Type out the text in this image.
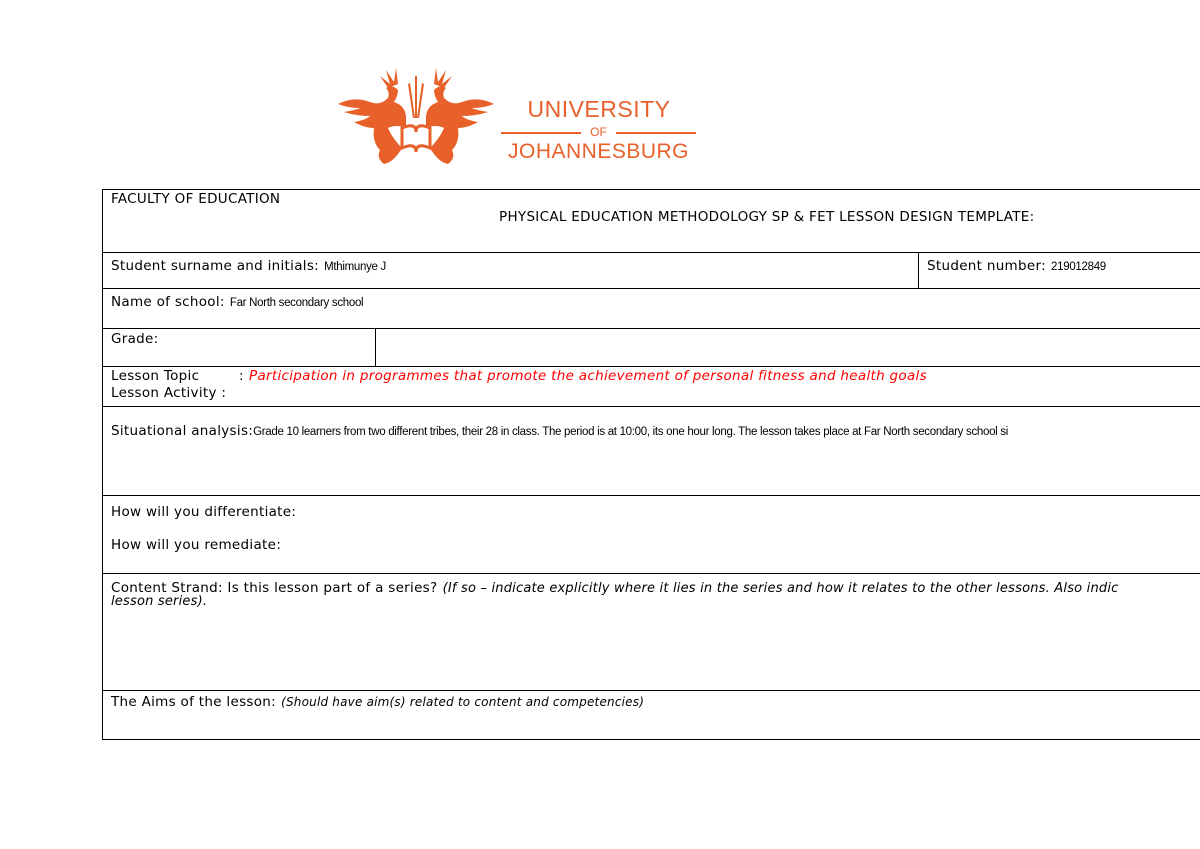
UNIVERSITY
OF
JOHANNESBURG
FACULTY OF EDUCATION
PHYSICAL EDUCATION METHODOLOGY SP & FET LESSON DESIGN TEMPLATE:
Student surname and initials: Mthimunye J	Student number: 219012849
Name of school: Far North secondary school
Grade:
Lesson Topic	: Participation in programmes that promote the achievement of personal fitness and health goals
Lesson Activity :
Situational analysis:Grade 10 learners from two different tribes, their 28 in class. The period is at 10:00, its one hour long. The lesson takes place at Far North secondary school si
How will you differentiate:
How will you remediate:
Content Strand: Is this lesson part of a series? (If so – indicate explicitly where it lies in the series and how it relates to the other lessons. Also indic
lesson series).
The Aims of the lesson: (Should have aim(s) related to content and competencies)
